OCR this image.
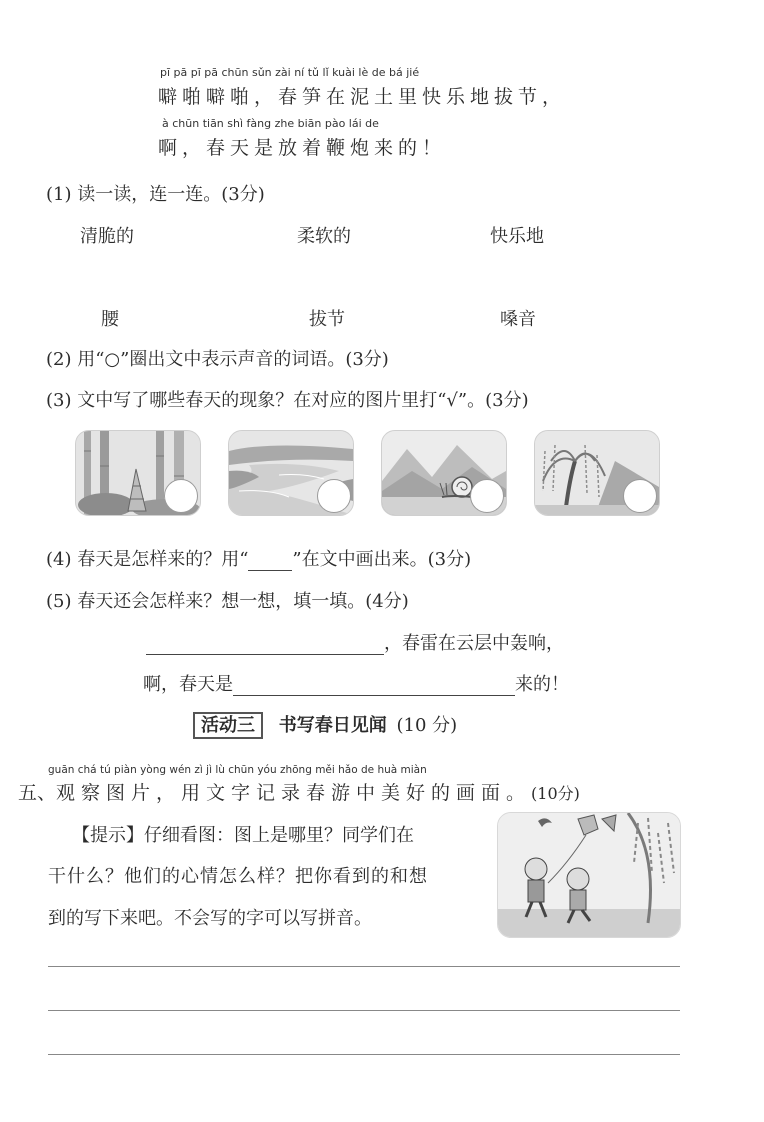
pī pā pī pā chūn sǔn zài ní tǔ lǐ kuài lè de bá jié
噼啪噼啪，春笋在泥土里快乐地拔节，
à chūn tiān shì fàng zhe biān pào lái de
啊，春天是放着鞭炮来的！
(1) 读一读，连一连。(3分)
清脆的	柔软的	快乐地
腰	拔节	嗓音
(2) 用“○”圈出文中表示声音的词语。(3分)
(3) 文中写了哪些春天的现象？在对应的图片里打“√”。(3分)
(4) 春天是怎样来的？用“ ”在文中画出来。(3分)
(5) 春天还会怎样来？想一想，填一填。(4分)
，春雷在云层中轰响，
啊，春天是	来的！
活动三 书写春日见闻 (10 分)
guān chá tú piàn yòng wén zì jì lù chūn yóu zhōng měi hǎo de huà miàn
五、观察图片，用文字记录春游中美好的画面。(10分)
【提示】仔细看图：图上是哪里？同学们在
干什么？他们的心情怎么样？把你看到的和想
到的写下来吧。不会写的字可以写拼音。
